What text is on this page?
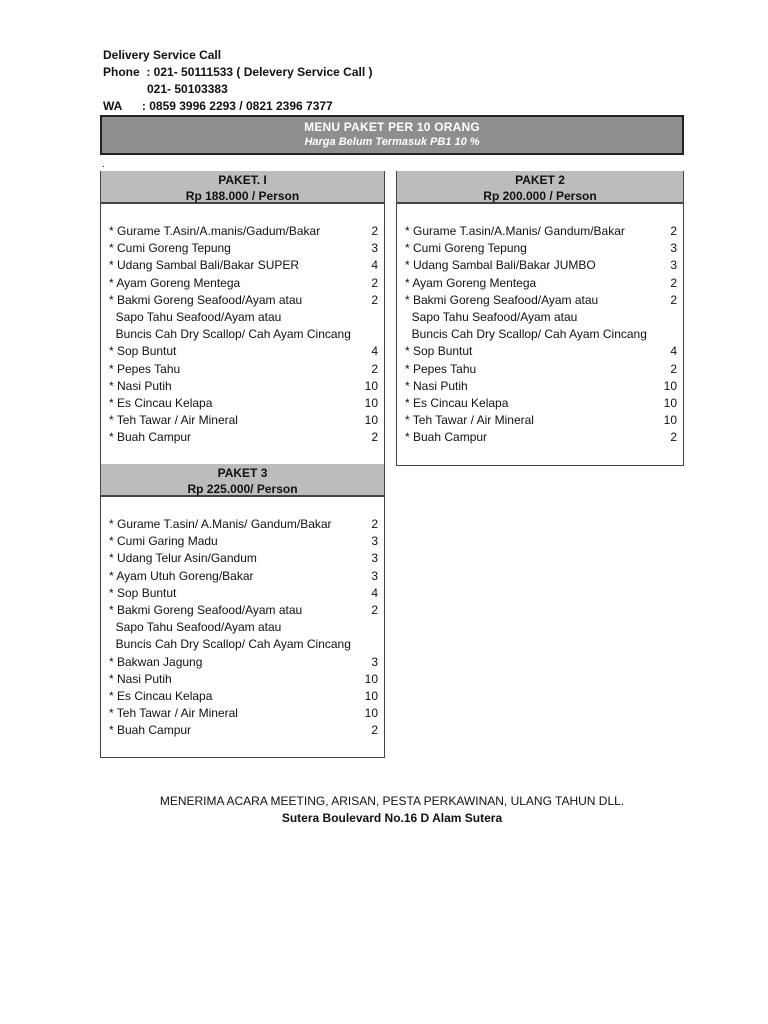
Delivery Service Call
Phone  : 021- 50111533 ( Delevery Service Call )
021- 50103383
WA      : 0859 3996 2293 / 0821 2396 7377
MENU PAKET PER 10 ORANG
Harga Belum Termasuk PB1 10 %
.
PAKET. I
Rp 188.000 / Person
* Gurame T.Asin/A.manis/Gadum/Bakar	2
* Cumi Goreng Tepung	3
* Udang Sambal Bali/Bakar SUPER	4
* Ayam Goreng Mentega	2
* Bakmi Goreng Seafood/Ayam atau	2
Sapo Tahu Seafood/Ayam atau
Buncis Cah Dry Scallop/ Cah Ayam Cincang
* Sop Buntut	4
* Pepes Tahu	2
* Nasi Putih	10
* Es Cincau Kelapa	10
* Teh Tawar / Air Mineral	10
* Buah Campur	2
PAKET 2
Rp 200.000 / Person
* Gurame T.asin/A.Manis/ Gandum/Bakar	2
* Cumi Goreng Tepung	3
* Udang Sambal Bali/Bakar JUMBO	3
* Ayam Goreng Mentega	2
* Bakmi Goreng Seafood/Ayam atau	2
Sapo Tahu Seafood/Ayam atau
Buncis Cah Dry Scallop/ Cah Ayam Cincang
* Sop Buntut	4
* Pepes Tahu	2
* Nasi Putih	10
* Es Cincau Kelapa	10
* Teh Tawar / Air Mineral	10
* Buah Campur	2
PAKET 3
Rp 225.000/ Person
* Gurame T.asin/ A.Manis/ Gandum/Bakar	2
* Cumi Garing Madu	3
* Udang Telur Asin/Gandum	3
* Ayam Utuh Goreng/Bakar	3
* Sop Buntut	4
* Bakmi Goreng Seafood/Ayam atau	2
Sapo Tahu Seafood/Ayam atau
Buncis Cah Dry Scallop/ Cah Ayam Cincang
* Bakwan Jagung	3
* Nasi Putih	10
* Es Cincau Kelapa	10
* Teh Tawar / Air Mineral	10
* Buah Campur	2
MENERIMA ACARA MEETING, ARISAN, PESTA PERKAWINAN, ULANG TAHUN DLL.
Sutera Boulevard No.16 D Alam Sutera
